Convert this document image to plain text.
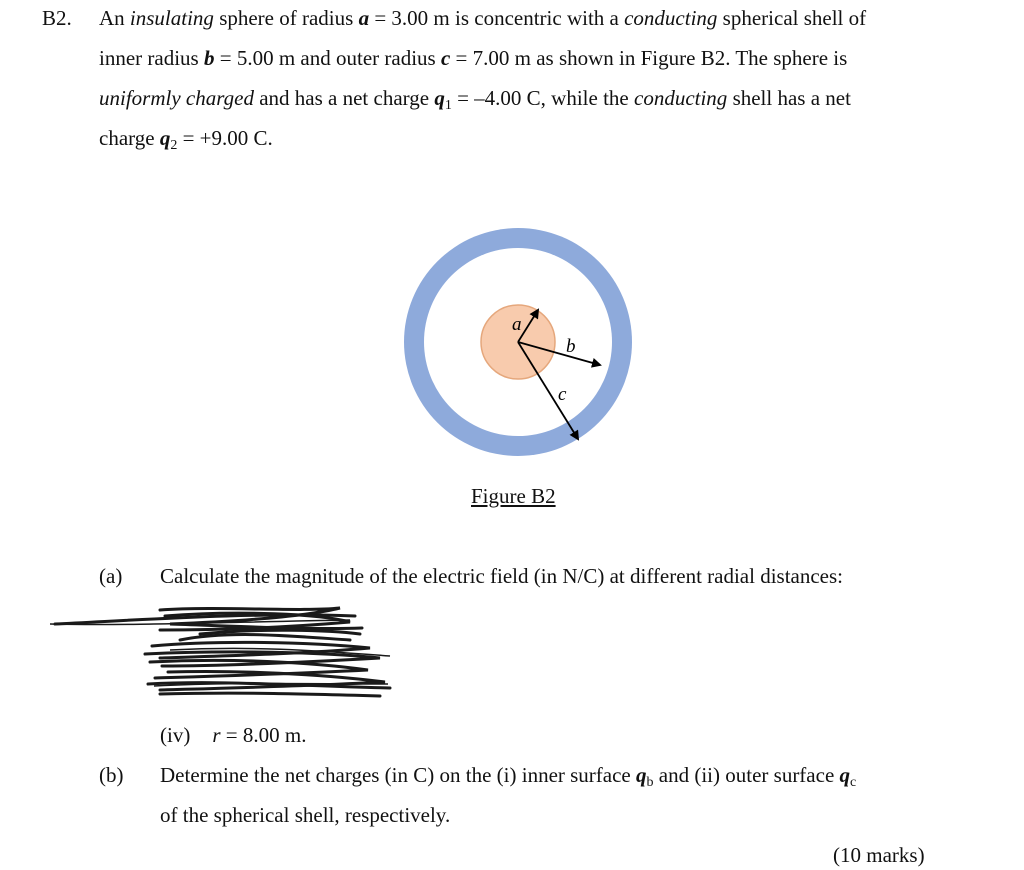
B2. An insulating sphere of radius a = 3.00 m is concentric with a conducting spherical shell of
inner radius b = 5.00 m and outer radius c = 7.00 m as shown in Figure B2. The sphere is
uniformly charged and has a net charge q1 = –4.00 C, while the conducting shell has a net
charge q2 = +9.00 C.
a
b
c
Figure B2
(a) Calculate the magnitude of the electric field (in N/C) at different radial distances:
(iv) r = 8.00 m.
(b) Determine the net charges (in C) on the (i) inner surface qb and (ii) outer surface qc
of the spherical shell, respectively.
(10 marks)
